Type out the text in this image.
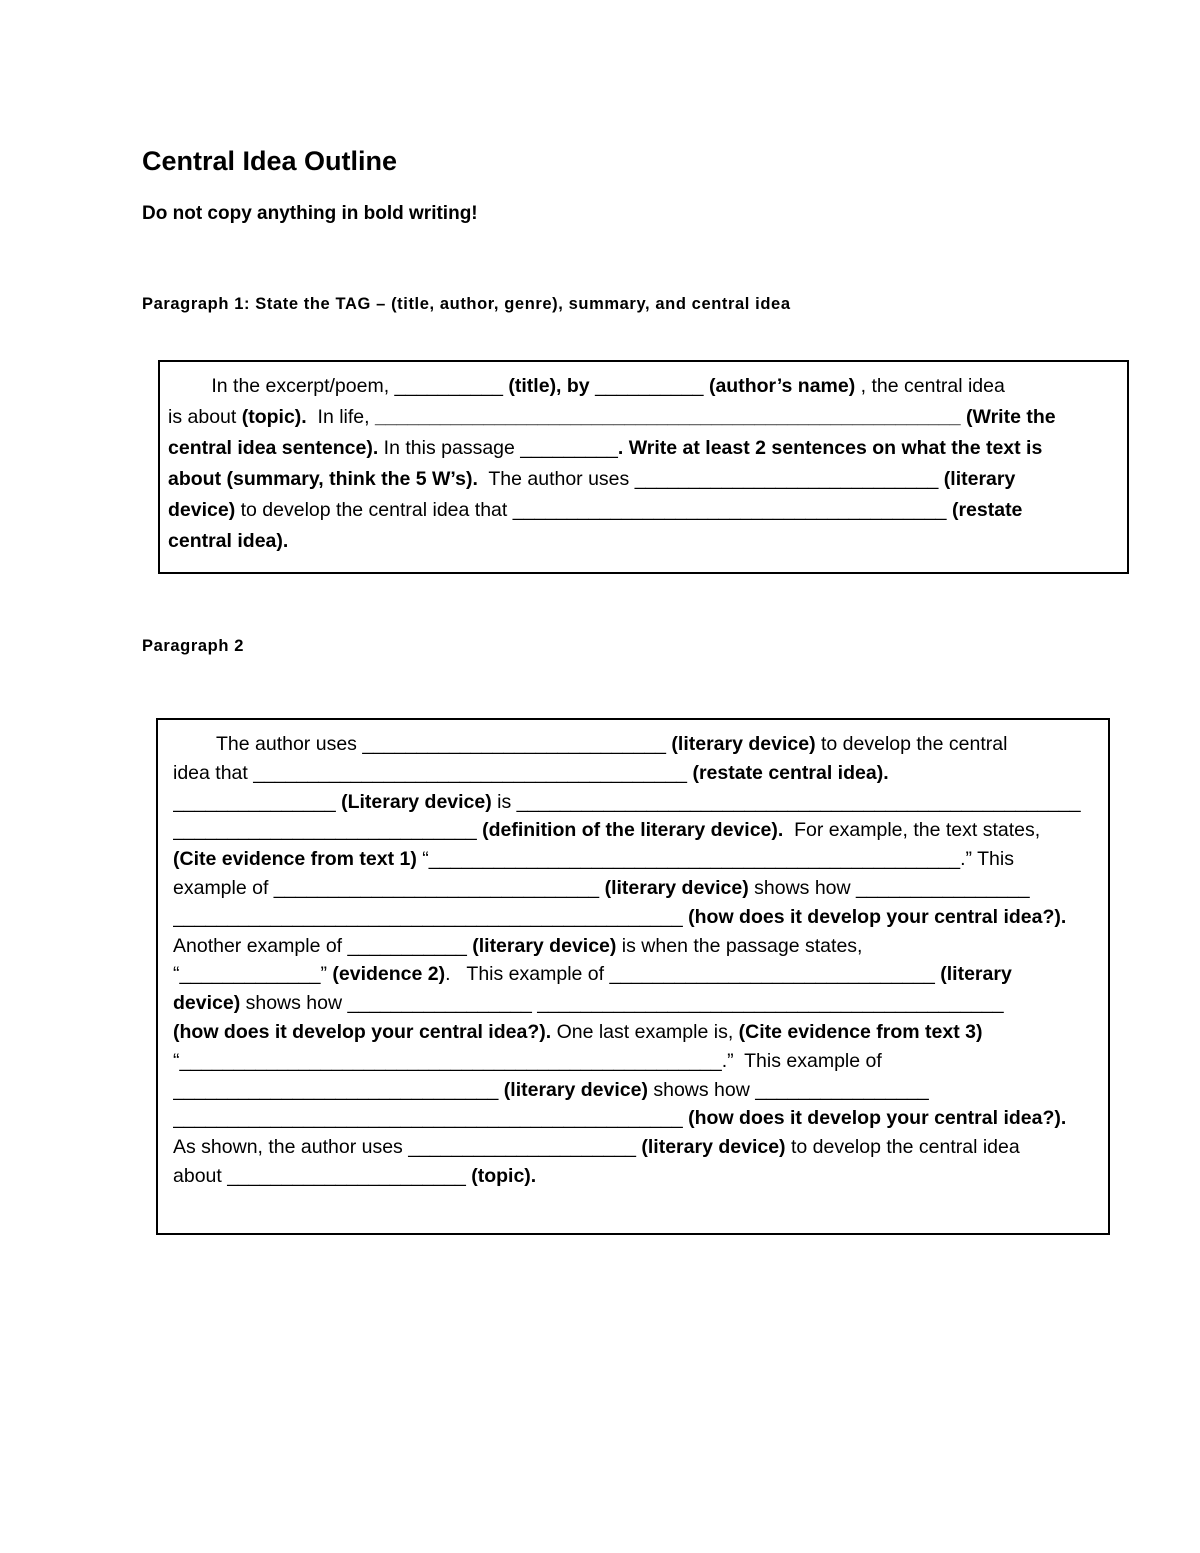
Central Idea Outline
Do not copy anything in bold writing!
Paragraph 1: State the TAG – (title, author, genre), summary, and central idea
In the excerpt/poem, __________ (title), by __________ (author’s name) , the central idea
is about (topic).  In life, ______________________________________________________ (Write the
central idea sentence). In this passage _________. Write at least 2 sentences on what the text is
about (summary, think the 5 W’s).  The author uses ____________________________ (literary
device) to develop the central idea that ________________________________________ (restate
central idea).
Paragraph 2
The author uses ____________________________ (literary device) to develop the central
idea that ________________________________________ (restate central idea).
_______________ (Literary device) is ____________________________________________________
____________________________ (definition of the literary device).  For example, the text states,
(Cite evidence from text 1) “_________________________________________________.” This
example of ______________________________ (literary device) shows how ________________
_______________________________________________ (how does it develop your central idea?).
Another example of ___________ (literary device) is when the passage states,
“_____________” (evidence 2).   This example of ______________________________ (literary
device) shows how _________________ ___________________________________________
(how does it develop your central idea?). One last example is, (Cite evidence from text 3)
“__________________________________________________.”  This example of
______________________________ (literary device) shows how ________________
_______________________________________________ (how does it develop your central idea?).
As shown, the author uses _____________________ (literary device) to develop the central idea
about ______________________ (topic).
